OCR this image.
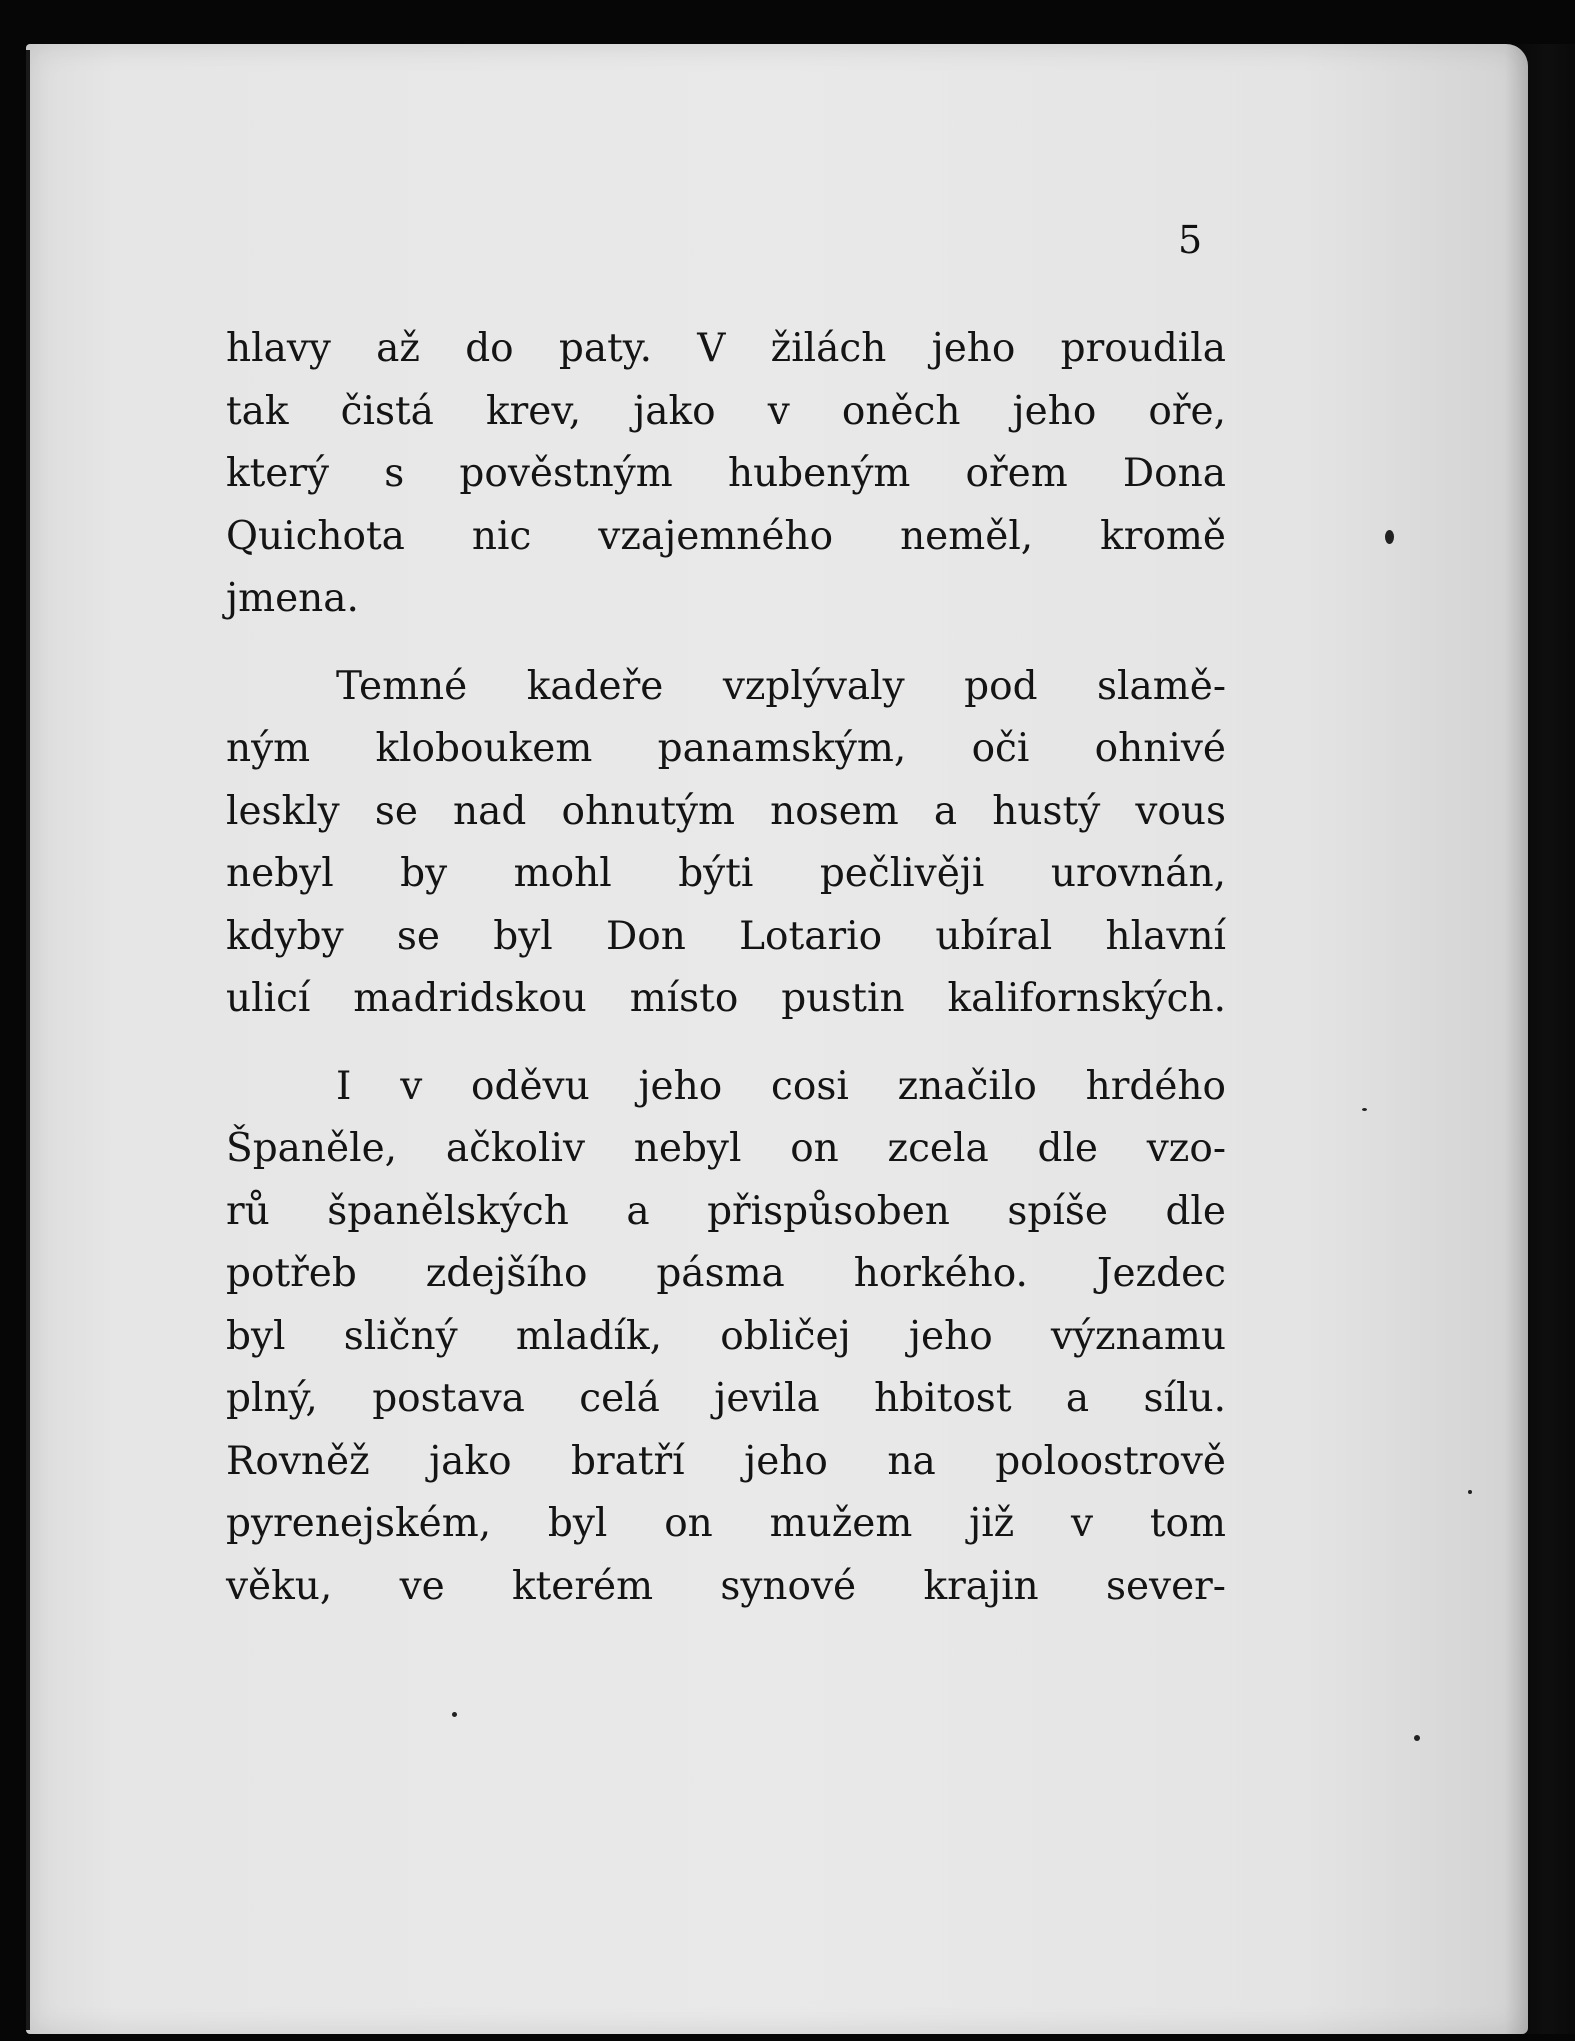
5

hlavy až do paty. V žilách jeho proudila
tak čistá krev, jako v oněch jeho oře,
který s pověstným hubeným ořem Dona
Quichota nic vzajemného neměl, kromě
jmena.

Temné kadeře vzplývaly pod slamě-
ným kloboukem panamským, oči ohnivé
leskly se nad ohnutým nosem a hustý vous
nebyl by mohl býti pečlivěji urovnán,
kdyby se byl Don Lotario ubíral hlavní
ulicí madridskou místo pustin kalifornských.

I v oděvu jeho cosi značilo hrdého
Španěle, ačkoliv nebyl on zcela dle vzo-
rů španělských a přispůsoben spíše dle
potřeb zdejšího pásma horkého. Jezdec
byl sličný mladík, obličej jeho významu
plný, postava celá jevila hbitost a sílu.
Rovněž jako bratří jeho na poloostrově
pyrenejském, byl on mužem již v tom
věku, ve kterém synové krajin sever-
